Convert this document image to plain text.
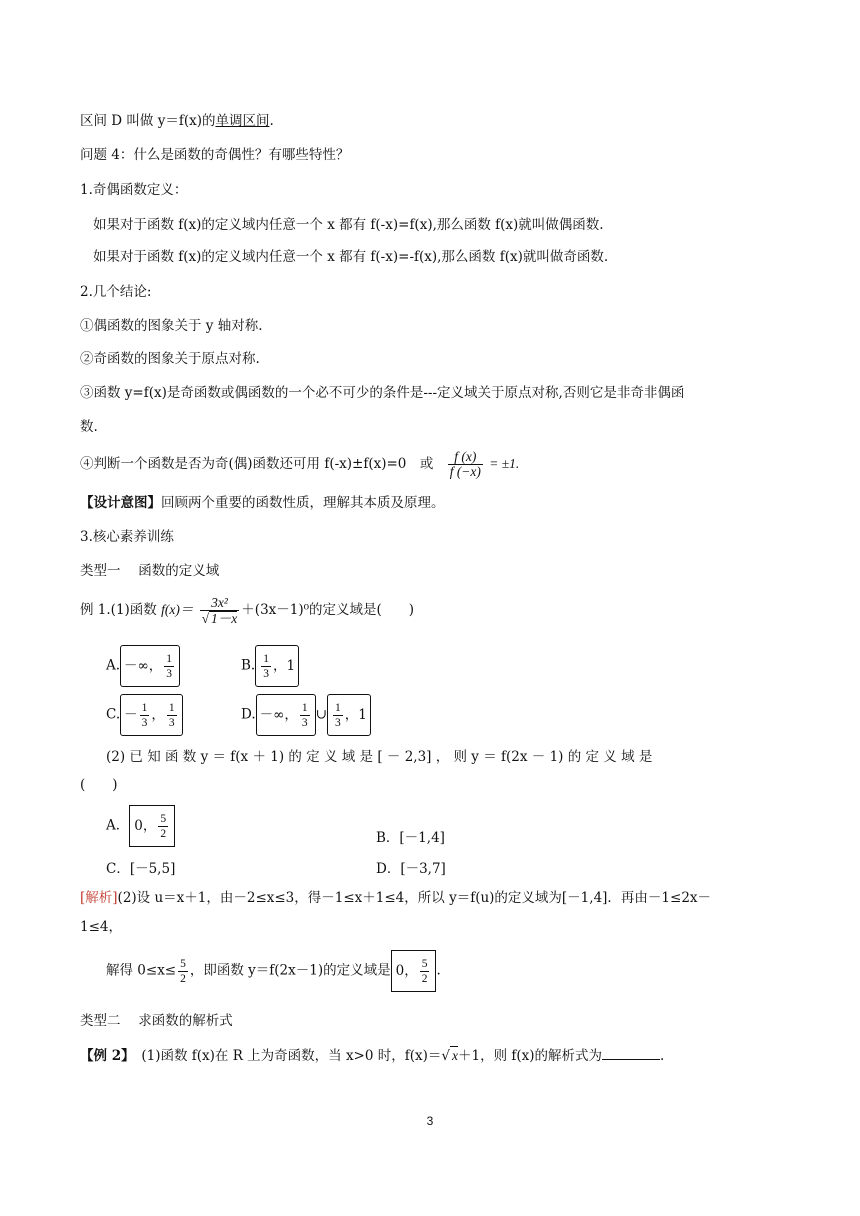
区间 D 叫做 y＝f(x)的单调区间.
问题 4：什么是函数的奇偶性？有哪些特性？
1.奇偶函数定义：
如果对于函数 f(x)的定义域内任意一个 x 都有 f(-x)=f(x),那么函数 f(x)就叫做偶函数.
如果对于函数 f(x)的定义域内任意一个 x 都有 f(-x)=-f(x),那么函数 f(x)就叫做奇函数.
2.几个结论:
①偶函数的图象关于 y 轴对称.
②奇函数的图象关于原点对称.
③函数 y=f(x)是奇函数或偶函数的一个必不可少的条件是---定义域关于原点对称,否则它是非奇非偶函
数.
④判断一个函数是否为奇(偶)函数还可用 f(-x)±f(x)=0　或 $\frac{f (x)}{f (-x)} = \pm 1$.
【设计意图】回顾两个重要的函数性质，理解其本质及原理。
3.核心素养训练
类型一　 函数的定义域
例 1.(1)函数 $f(x)= \frac{\text{3x²}}{√ 1-x} +(3x-1)^0$的定义域是(　　)
A. －∞， $\frac{1}{3}$	B. $\frac{1}{3}$ ，1
C. － $\frac{1}{3}$ ， $\frac{1}{3}$	D. －∞， $\frac{1}{3}$ ∪ $\frac{1}{3}$ ，1
(2) 已 知 函 数 y ＝ f(x ＋ 1) 的 定 义 域 是 [ － 2,3] ， 则 y ＝ f(2x － 1) 的 定 义 域 是
(　　)
A． 0， $\frac{5}{2}$	B．[－1,4]
C．[－5,5]	D．[－3,7]
[解析](2)设 u＝x＋1，由－2≤x≤3，得－1≤x＋1≤4，所以 y＝f(u)的定义域为[－1,4]．再由－1≤2x－
1≤4，
解得 $0\le x\le \frac{5}{2}$ ，即函数 y＝f(2x－1)的定义域是 0， $\frac{5}{2}$ .
类型二　 求函数的解析式
【例 2】　(1)函数 f(x)在 R 上为奇函数，当 x>0 时，f(x)＝√ x＋1，则 f(x)的解析式为	.
3
